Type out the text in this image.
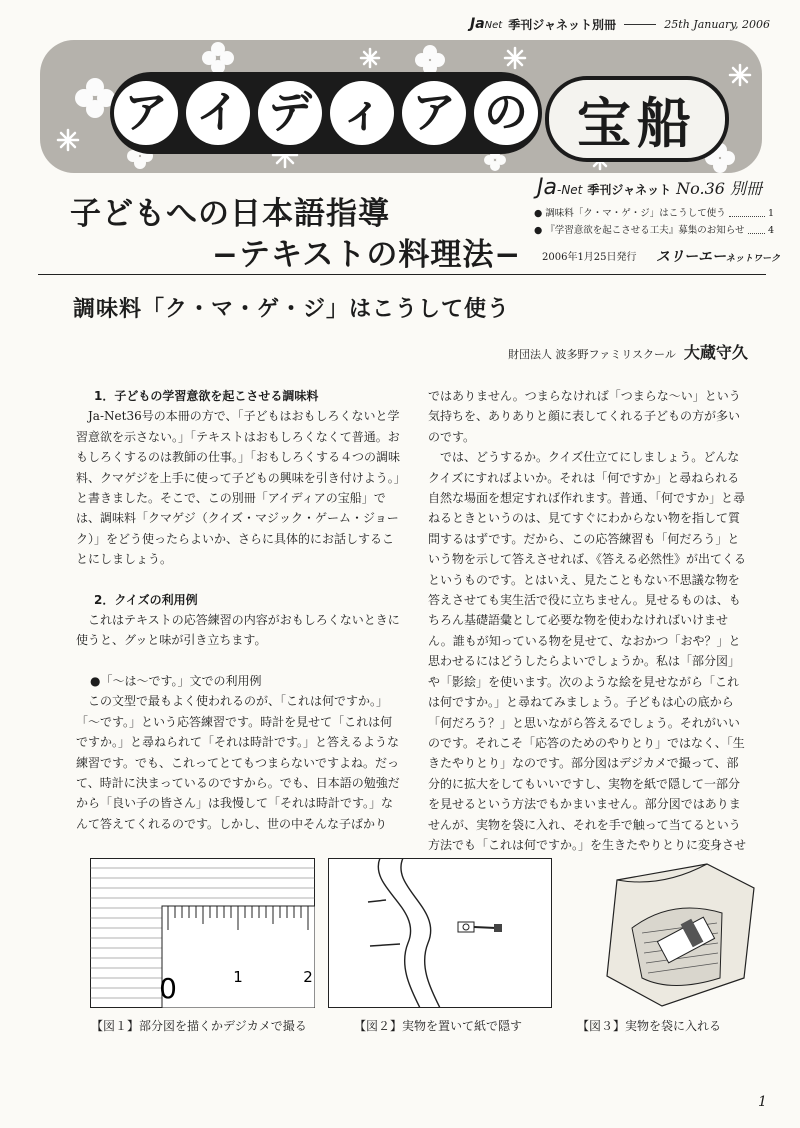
JaNet 季刊ジャネット別冊	25th January, 2006
ア イ デ ィ ア の 宝船
子どもへの日本語指導
−テキストの料理法−
Ja-Net 季刊ジャネット No.36 別冊
● 調味料「ク・マ・ゲ・ジ」はこうして使う	1
● 『学習意欲を起こさせる工夫』募集のお知らせ 4
2006年1月25日発行 スリーエーネットワーク
調味料「ク・マ・ゲ・ジ」はこうして使う
財団法人 波多野ファミリスクール 大蔵守久

1．子どもの学習意欲を起こさせる調味料

Ja-Net36号の本冊の方で、「子どもはおもしろくないと学習意欲を示さない。」「テキストはおもしろくなくて普通。おもしろくするのは教師の仕事。」「おもしろくする４つの調味料、クマゲジを上手に使って子どもの興味を引き付けよう。」と書きました。そこで、この別冊「アイディアの宝船」では、調味料「クマゲジ（クイズ・マジック・ゲーム・ジョーク）」をどう使ったらよいか、さらに具体的にお話しすることにしましょう。

2．クイズの利用例

これはテキストの応答練習の内容がおもしろくないときに使うと、グッと味が引き立ちます。

●「〜は〜です。」文での利用例

この文型で最もよく使われるのが、「これは何ですか。」「〜です。」という応答練習です。時計を見せて「これは何ですか。」と尋ねられて「それは時計です。」と答えるような練習です。でも、これってとてもつまらないですよね。だって、時計に決まっているのですから。でも、日本語の勉強だから「良い子の皆さん」は我慢して「それは時計です。」なんて答えてくれるのです。しかし、世の中そんな子ばかり

ではありません。つまらなければ「つまらな〜い」という気持ちを、ありありと顔に表してくれる子どもの方が多いのです。

では、どうするか。クイズ仕立てにしましょう。どんなクイズにすればよいか。それは「何ですか」と尋ねられる自然な場面を想定すれば作れます。普通、「何ですか」と尋ねるときというのは、見てすぐにわからない物を指して質問するはずです。だから、この応答練習も「何だろう」という物を示して答えさせれば、《答える必然性》が出てくるというものです。とはいえ、見たこともない不思議な物を答えさせても実生活で役に立ちません。見せるものは、もちろん基礎語彙として必要な物を使わなければいけません。誰もが知っている物を見せて、なおかつ「おや？」と思わせるにはどうしたらよいでしょうか。私は「部分図」や「影絵」を使います。次のような絵を見せながら「これは何ですか。」と尋ねてみましょう。子どもは心の底から「何だろう？」と思いながら答えるでしょう。それがいいのです。それこそ「応答のためのやりとり」ではなく、「生きたやりとり」なのです。部分図はデジカメで撮って、部分的に拡大をしてもいいですし、実物を紙で隠して一部分を見せるという方法でもかまいません。部分図ではありませんが、実物を袋に入れ、それを手で触って当てるという方法でも「これは何ですか。」を生きたやりとりに変身させ

0	1	2
【図１】部分図を描くかデジカメで撮る	【図２】実物を置いて紙で隠す	【図３】実物を袋に入れる
1
